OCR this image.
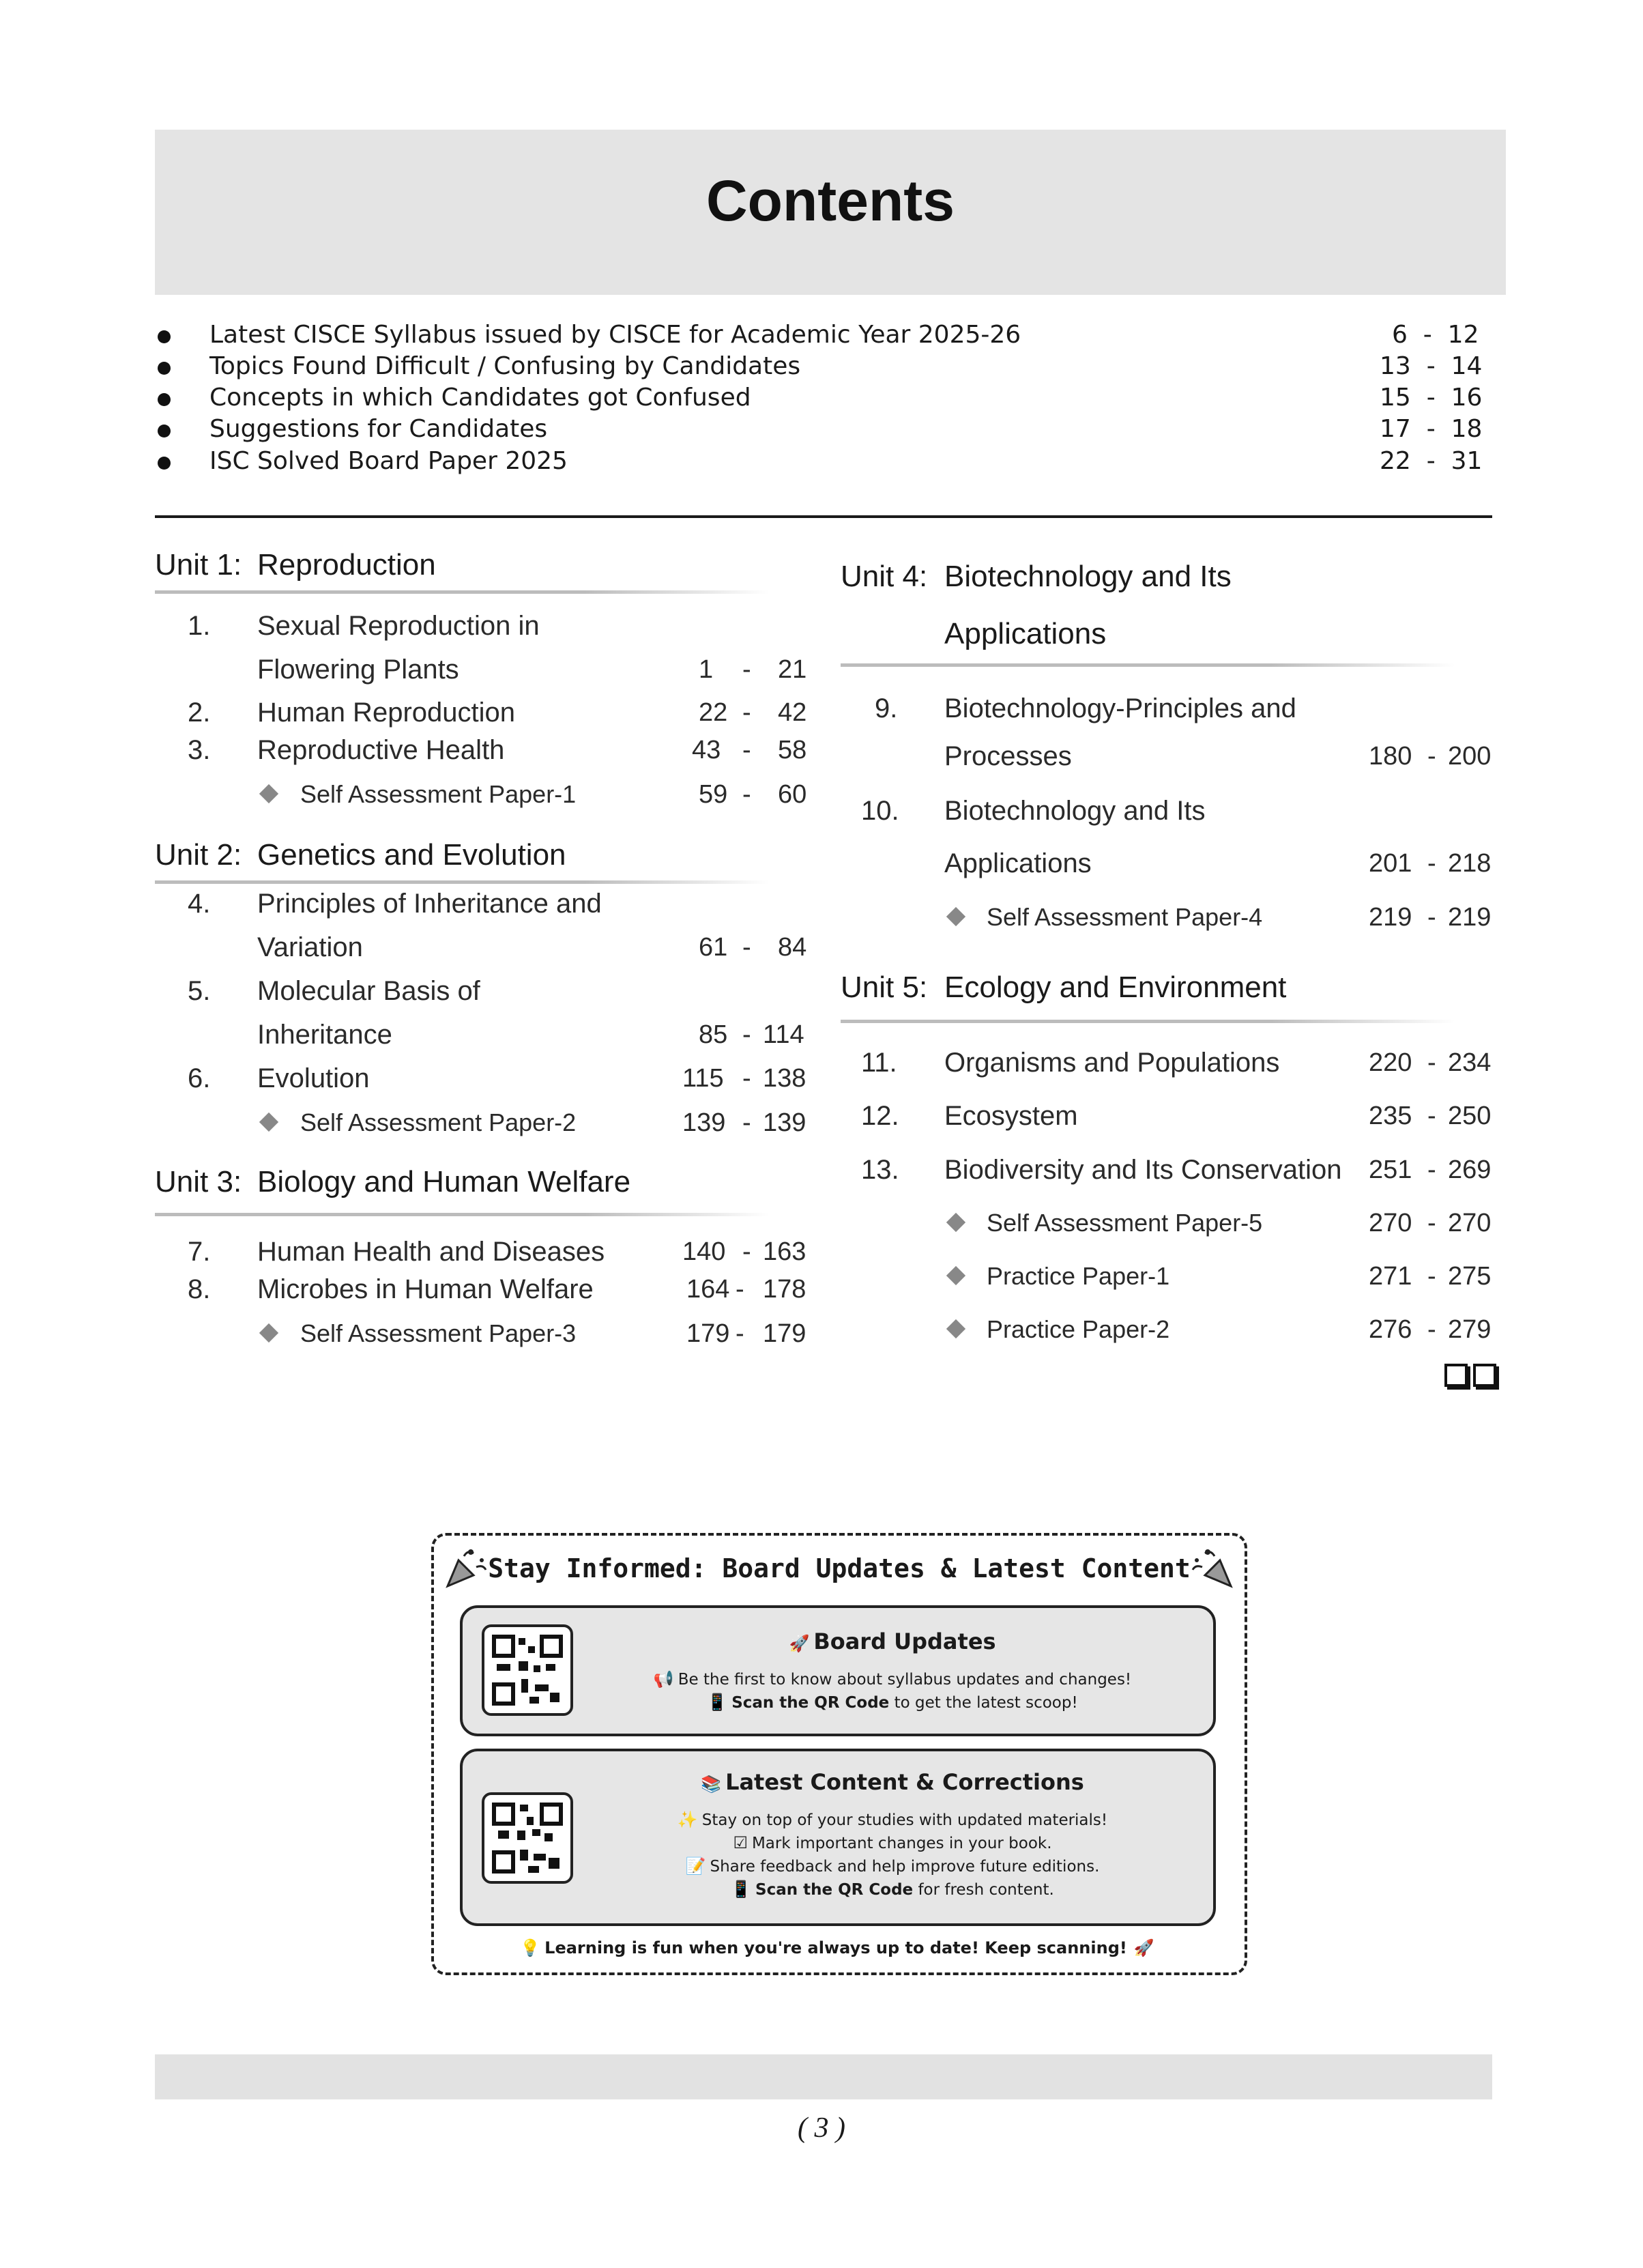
Contents
Latest CISCE Syllabus issued by CISCE for Academic Year 2025-26	6  -  12
Topics Found Difficult / Confusing by Candidates	13  -  14
Concepts in which Candidates got Confused	15  -  16
Suggestions for Candidates	17  -  18
ISC Solved Board Paper 2025	22  -  31
Unit 1: Reproduction
1. Sexual Reproduction in
Flowering Plants	1 - 21
2. Human Reproduction	22 - 42
3. Reproductive Health	43 - 58
Self Assessment Paper-1	59 - 60
Unit 2: Genetics and Evolution
4. Principles of Inheritance and
Variation	61 - 84
5. Molecular Basis of
Inheritance	85 - 114
6. Evolution	115 - 138
Self Assessment Paper-2	139 - 139
Unit 3: Biology and Human Welfare
7. Human Health and Diseases	140 - 163
8. Microbes in Human Welfare	164 - 178
Self Assessment Paper-3	179 - 179
Unit 4: Biotechnology and Its
Applications
9. Biotechnology-Principles and
Processes	180 - 200
10. Biotechnology and Its
Applications	201 - 218
Self Assessment Paper-4	219 - 219
Unit 5: Ecology and Environment
11. Organisms and Populations	220 - 234
12. Ecosystem	235 - 250
13. Biodiversity and Its Conservation 251 - 269
Self Assessment Paper-5	270 - 270
Practice Paper-1	271 - 275
Practice Paper-2	276 - 279
Stay Informed: Board Updates & Latest Content
🚀 Board Updates
📢 Be the first to know about syllabus updates and changes!
📱 Scan the QR Code to get the latest scoop!
📚 Latest Content & Corrections
✨ Stay on top of your studies with updated materials!
☑ Mark important changes in your book.
📝 Share feedback and help improve future editions.
📱 Scan the QR Code for fresh content.
💡 Learning is fun when you're always up to date! Keep scanning! 🚀
( 3 )
